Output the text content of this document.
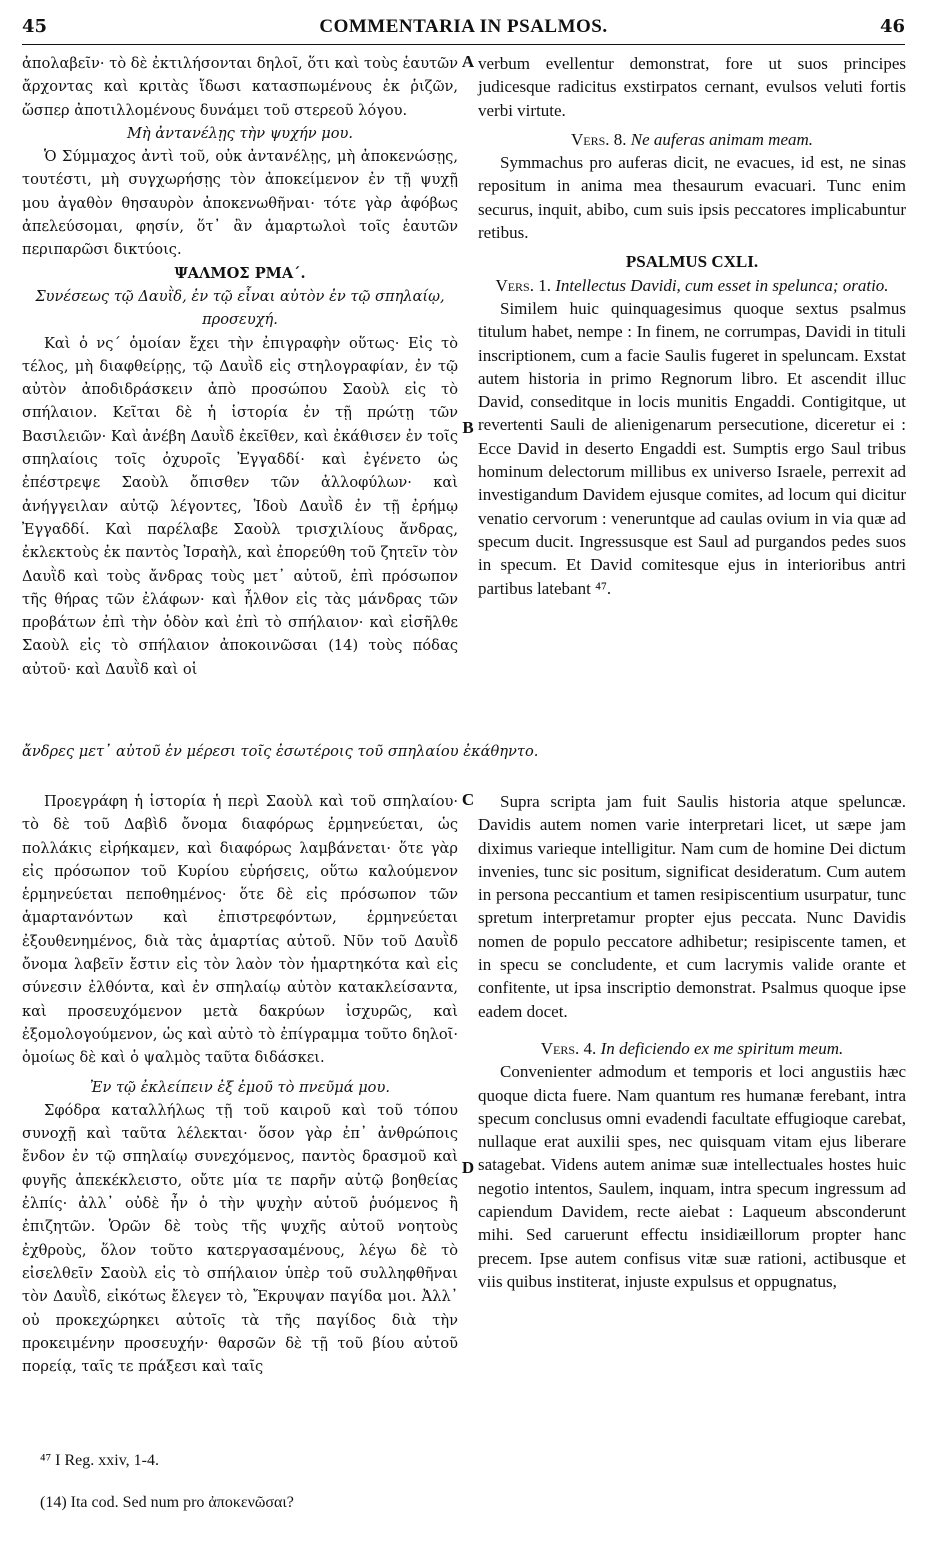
45	COMMENTARIA IN PSALMOS.	46

ἀπολαβεῖν· τὸ δὲ ἐκτιλήσονται δηλοῖ, ὅτι καὶ τοὺς ἑαυτῶν ἄρχοντας καὶ κριτὰς ἴδωσι κατασπωμένους ἐκ ῥιζῶν, ὥσπερ ἀποτιλλομένους δυνάμει τοῦ στερεοῦ λόγου.

Μὴ ἀντανέλῃς τὴν ψυχήν μου.

Ὁ Σύμμαχος ἀντὶ τοῦ, οὐκ ἀντανέλῃς, μὴ ἀποκενώσῃς, τουτέστι, μὴ συγχωρήσῃς τὸν ἀποκείμενον ἐν τῇ ψυχῇ μου ἀγαθὸν θησαυρὸν ἀποκενωθῆναι· τότε γὰρ ἀφόβως ἀπελεύσομαι, φησίν, ὅτ᾽ ἂν ἁμαρτωλοὶ τοῖς ἑαυτῶν περιπαρῶσι δικτύοις.

ΨΑΛΜΟΣ ΡΜΑ΄.

Συνέσεως τῷ Δαυῒδ, ἐν τῷ εἶναι αὐτὸν ἐν τῷ σπηλαίῳ, προσευχή.

Καὶ ὁ νς΄ ὁμοίαν ἔχει τὴν ἐπιγραφὴν οὕτως· Εἰς τὸ τέλος, μὴ διαφθείρῃς, τῷ Δαυῒδ εἰς στηλογραφίαν, ἐν τῷ αὐτὸν ἀποδιδράσκειν ἀπὸ προσώπου Σαοὺλ εἰς τὸ σπήλαιον. Κεῖται δὲ ἡ ἱστορία ἐν τῇ πρώτῃ τῶν Βασιλειῶν· Καὶ ἀνέβη Δαυῒδ ἐκεῖθεν, καὶ ἐκάθισεν ἐν τοῖς σπηλαίοις τοῖς ὀχυροῖς Ἐγγαδδί· καὶ ἐγένετο ὡς ἐπέστρεψε Σαοὺλ ὄπισθεν τῶν ἀλλοφύλων· καὶ ἀνήγγειλαν αὐτῷ λέγοντες, Ἰδοὺ Δαυῒδ ἐν τῇ ἐρήμῳ Ἐγγαδδί. Καὶ παρέλαβε Σαοὺλ τρισχιλίους ἄνδρας, ἐκλεκτοὺς ἐκ παντὸς Ἰσραὴλ, καὶ ἐπορεύθη τοῦ ζητεῖν τὸν Δαυῒδ καὶ τοὺς ἄνδρας τοὺς μετ᾽ αὐτοῦ, ἐπὶ πρόσωπον τῆς θήρας τῶν ἐλάφων· καὶ ἦλθον εἰς τὰς μάνδρας τῶν προβάτων ἐπὶ τὴν ὁδὸν καὶ ἐπὶ τὸ σπήλαιον· καὶ εἰσῆλθε Σαοὺλ εἰς τὸ σπήλαιον ἀποκοινῶσαι (14) τοὺς πόδας αὐτοῦ· καὶ Δαυῒδ καὶ οἱ

verbum evellentur demonstrat, fore ut suos principes judicesque radicitus exstirpatos cernant, evulsos veluti fortis verbi virtute.

Vers. 8. Ne auferas animam meam.

Symmachus pro auferas dicit, ne evacues, id est, ne sinas repositum in anima mea thesaurum evacuari. Tunc enim securus, inquit, abibo, cum suis ipsis peccatores implicabuntur retibus.

PSALMUS CXLI.

Vers. 1. Intellectus Davidi, cum esset in spelunca; oratio.

Similem huic quinquagesimus quoque sextus psalmus titulum habet, nempe : In finem, ne corrumpas, Davidi in tituli inscriptionem, cum a facie Saulis fugeret in speluncam. Exstat autem historia in primo Regnorum libro. Et ascendit illuc David, conseditque in locis munitis Engaddi. Contigitque, ut revertenti Sauli de alienigenarum persecutione, diceretur ei : Ecce David in deserto Engaddi est. Sumptis ergo Saul tribus hominum delectorum millibus ex universo Israele, perrexit ad investigandum Davidem ejusque comites, ad locum qui dicitur venatio cervorum : veneruntque ad caulas ovium in via quæ ad specum ducit. Ingressusque est Saul ad purgandos pedes suos in specum. Et David comitesque ejus in interioribus antri partibus latebant ⁴⁷.

ἄνδρες μετ᾽ αὐτοῦ ἐν μέρεσι τοῖς ἐσωτέροις τοῦ σπηλαίου ἐκάθηντο.

Προεγράφη ἡ ἱστορία ἡ περὶ Σαοὺλ καὶ τοῦ σπηλαίου· τὸ δὲ τοῦ Δαβὶδ ὄνομα διαφόρως ἑρμηνεύεται, ὡς πολλάκις εἰρήκαμεν, καὶ διαφόρως λαμβάνεται· ὅτε γὰρ εἰς πρόσωπον τοῦ Κυρίου εὑρήσεις, οὕτω καλούμενον ἑρμηνεύεται πεποθημένος· ὅτε δὲ εἰς πρόσωπον τῶν ἁμαρτανόντων καὶ ἐπιστρεφόντων, ἑρμηνεύεται ἐξουθενημένος, διὰ τὰς ἁμαρτίας αὐτοῦ. Νῦν τοῦ Δαυῒδ ὄνομα λαβεῖν ἔστιν εἰς τὸν λαὸν τὸν ἡμαρτηκότα καὶ εἰς σύνεσιν ἐλθόντα, καὶ ἐν σπηλαίῳ αὐτὸν κατακλείσαντα, καὶ προσευχόμενον μετὰ δακρύων ἰσχυρῶς, καὶ ἐξομολογούμενον, ὡς καὶ αὐτὸ τὸ ἐπίγραμμα τοῦτο δηλοῖ· ὁμοίως δὲ καὶ ὁ ψαλμὸς ταῦτα διδάσκει.

Ἐν τῷ ἐκλείπειν ἐξ ἐμοῦ τὸ πνεῦμά μου.

Σφόδρα καταλλήλως τῇ τοῦ καιροῦ καὶ τοῦ τόπου συνοχῇ καὶ ταῦτα λέλεκται· ὅσον γὰρ ἐπ᾽ ἀνθρώποις ἔνδον ἐν τῷ σπηλαίῳ συνεχόμενος, παντὸς δρασμοῦ καὶ φυγῆς ἀπεκέκλειστο, οὔτε μία τε παρῆν αὐτῷ βοηθείας ἐλπίς· ἀλλ᾽ οὐδὲ ἦν ὁ τὴν ψυχὴν αὐτοῦ ῥυόμενος ἢ ἐπιζητῶν. Ὁρῶν δὲ τοὺς τῆς ψυχῆς αὐτοῦ νοητοὺς ἐχθροὺς, ὅλον τοῦτο κατεργασαμένους, λέγω δὲ τὸ εἰσελθεῖν Σαοὺλ εἰς τὸ σπήλαιον ὑπὲρ τοῦ συλληφθῆναι τὸν Δαυῒδ, εἰκότως ἔλεγεν τὸ, Ἔκρυψαν παγίδα μοι. Ἀλλ᾽ οὐ προκεχώρηκει αὐτοῖς τὰ τῆς παγίδος διὰ τὴν προκειμένην προσευχήν· θαρσῶν δὲ τῇ τοῦ βίου αὐτοῦ πορείᾳ, ταῖς τε πράξεσι καὶ ταῖς

Supra scripta jam fuit Saulis historia atque speluncæ. Davidis autem nomen varie interpretari licet, ut sæpe jam diximus varieque intelligitur. Nam cum de homine Dei dictum invenies, tunc sic positum, significat desideratum. Cum autem in persona peccantium et tamen resipiscentium usurpatur, tunc spretum interpretamur propter ejus peccata. Nunc Davidis nomen de populo peccatore adhibetur; resipiscente tamen, et in specu se concludente, et cum lacrymis valide orante et confitente, ut ipsa inscriptio demonstrat. Psalmus quoque ipse eadem docet.

Vers. 4. In deficiendo ex me spiritum meum.

Convenienter admodum et temporis et loci angustiis hæc quoque dicta fuere. Nam quantum res humanæ ferebant, intra specum conclusus omni evadendi facultate effugioque carebat, nullaque erat auxilii spes, nec quisquam vitam ejus liberare satagebat. Videns autem animæ suæ intellectuales hostes huic negotio intentos, Saulem, inquam, intra specum ingressum ad capiendum Davidem, recte aiebat : Laqueum absconderunt mihi. Sed caruerunt effectu insidiæillorum propter hanc precem. Ipse autem confisus vitæ suæ rationi, actibusque et viis quibus institerat, injuste expulsus et oppugnatus,

A
B
C
D
⁴⁷ I Reg. xxiv, 1-4.
(14) Ita cod. Sed num pro ἀποκενῶσαι?
